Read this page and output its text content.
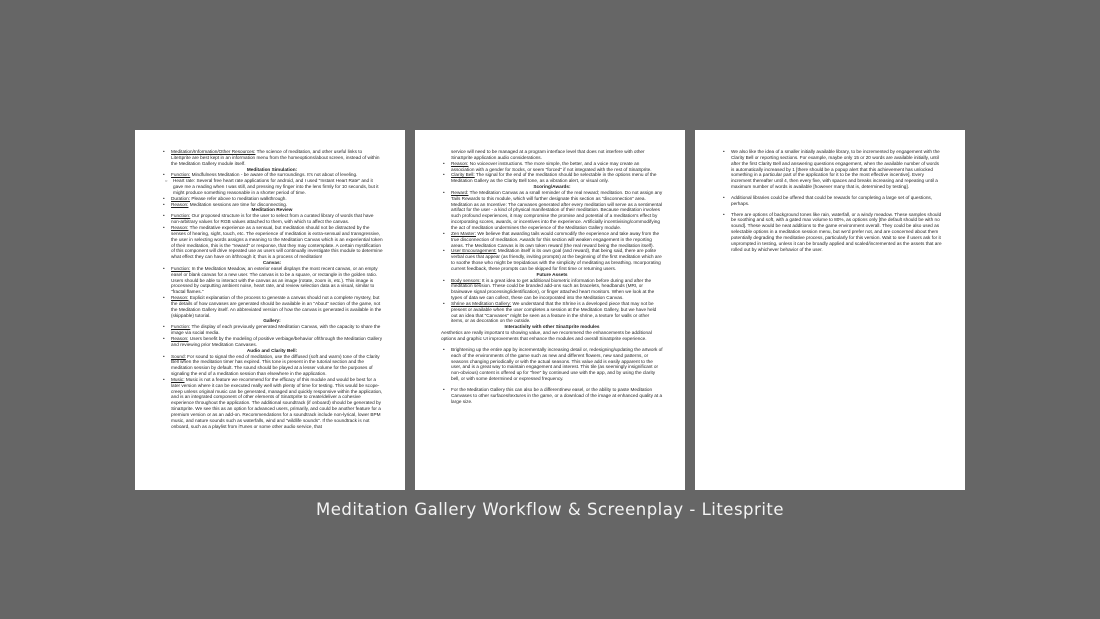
• Meditation/Information/Other Resources: The science of meditation, and other useful links to LiteSprite are best kept in an information menu from the homeoptions/about screen, instead of within the Meditation Gallery module itself.
Meditation Simulation:
• Function: Mindfulness Meditation - be aware of the surroundings. It's not about of leveling.
○ Heart rate: Several free heart rate applications for android, and I used "Instant Heart Rate" and it gave me a reading when I was still, and pressing my finger into the lens firmly for 10 seconds, but it might produce something reasonable in a shorter period of time.
• Duration: Please refer above to meditation walkthrough.
• Reason: Meditation sessions are time for disconnecting.
Meditation Review
• Function: Our proposed structure is for the user to select from a curated library of words that have non-arbitrary values for RGB values attached to them, with which to affect the canvas.
• Reason: The meditative experience as a sensual, but meditation should not be distracted by the senses of hearing, sight, touch, etc. The experience of meditation is extra-sensual and transgressive, the user in selecting words assigns a meaning to the Meditation Canvas which is an experiential token of their meditation, this is the "reward" or response, that they may contemplate. A certain mystification of this component will drive repeated use as users will continually investigate this module to determine what effect they can have on it/through it; thus is a process of meditation!
Canvas:
• Function: In the Meditation Meadow, an exterior easel displays the most recent canvas, or an empty easel or blank canvas for a new user. The canvas is to be a square, or rectangle in the golden ratio. Users should be able to interact with the canvas as an image (rotate, zoom in, etc.). This image is processed by outputting ambient noise, heart rate, and review selection data as a visual, similar to "fractal flames."
• Reason: Explicit explanation of the process to generate a canvas should not a complete mystery, but the details of how canvases are generated should be available in an "About" section of the game, not the Meditation Gallery itself. An abbreviated version of how the canvas is generated is available in the (skippable) tutorial.
Gallery:
• Function: The display of each previously generated Meditation Canvas, with the capacity to share the image via social media.
• Reason: Users benefit by the modeling of positive verbiage/behavior of/through the Meditation Gallery and reviewing prior Meditation Canvases.
Audio and Clarity Bell:
• Sound: For sound to signal the end of meditation, use the diffused (soft and warm) tone of the Clarity Bell when the meditation timer has expired. This tone is present in the tutorial section and the meditation session by default. The sound should be played at a lesser volume for the purposes of signaling the end of a meditation session than elsewhere in the application.
• Music: Music is not a feature we recommend for the efficacy of this module and would be best for a later version where it can be executed really well with plenty of time for testing. This would be scope-creep unless original music can be generated, managed and quickly responsive within the application, and is an integrated component of other elements of SinaSprite to create/deliver a cohesive experience throughout the application. The additional soundtrack (if onboard) should be generated by SinaSprite. We see this as an option for advanced users, primarily, and could be another feature for a premium version or as an add-on. Recommendations for a soundtrack include non-lyrical, lower BPM music, and nature sounds such as waterfalls, wind and "wildlife sounds". If the soundtrack is not onboard, such as a playlist from iTunes or some other audio service, that
service will need to be managed at a program interface level that does not interfere with other SinaSprite application audio considerations.
• Reason: No voiceover instructions. The more simple, the better, and a voice may create an association with a gender for Socks, or seem "forced" if not integrated with the rest of SinaSprite.
• Clarity Bell: The signal for the end of the meditation should be selectable in the options menu of the Meditation Gallery as the Clarity Bell tone, as a vibration alert, or visual only.
Scoring/Awards:
• Reward: The Meditation Canvas as a small reminder of the real reward; meditation. Do not assign any Tails Rewards to this module, which will further designate this section as "disconnection" area. Meditation as an Incentive: The canvases generated after every meditation will serve as a sentimental artifact for the user - a kind of physical manifestation of their meditation. Because meditation involves such profound experiences, it may compromise the promise and potential of a meditation's effect by incorporating scores, awards, or incentives into the experience. Artificially incentivising/commodifying the act of meditation undermines the experience of the Meditation Gallery module.
• Zen Master: We believe that awarding tails would commodify the experience and take away from the true disconnection of meditation. Awards for this section will weaken engagement in the reporting areas. The Meditation Canvas is its own token reward (the real reward being the meditation itself).
• User Encouragement: Meditation itself is its own goal (and reward), that being said, there are polite verbal cues that appear (as friendly, inviting prompts) at the beginning of the first meditation which are to soothe those who might be trepidatious with the simplicity of meditating as breathing. Incorporating current feedback, these prompts can be skipped for first time or returning users.
Future Assets
• Body sensors: It is a great idea to get additional biometric information before during and after the meditation session. These could be branded add-ons such as bracelets, headbands (MRI, or brainwave signal processing/identification), or finger attached heart monitors. When we look at the types of data we can collect, these can be incorporated into the Meditation Canvas.
• Shrine as Meditation Gallery: We understand that the Shrine is a developed piece that may not be present or available when the user completes a session at the Meditation Gallery, but we have held out an idea that "Canvases" might be seen as a feature in the shrine, a texture for walls or other items, or as decoration on the outside.
Interactivity with other SinaSprite modules
Aesthetics are really important to showing value, and we recommend the enhancements be additional options and graphic UI improvements that enhance the modules and overall SinaSprite experience.
• Brightening up the entire app by incrementally increasing detail or, redesigning/updating the artwork of each of the environments of the game such as new and different flowers, new sand patterns, or seasons changing periodically or with the actual seasons. This value add is easily apparent to the user, and is a great way to maintain engagement and interest. This tile (as seemingly insignificant or non-obvious) content is offered up for "free" by continued use with the app, and by using the clarity bell, or with some determined or expressed frequency.
• For the Meditation Gallery this can also be a different/new easel, or the ability to paste Meditation Canvases to other surfaces/textures in the game, or a download of the image at enhanced quality at a large size.
• We also like the idea of a smaller initially available library, to be incremented by engagement with the Clarity Bell or reporting sections. For example, maybe only 15 or 20 words are available initially, until after the first Clarity Bell and answering questions engagement, when the available number of words is automatically increased by 1 [there should be a popup alert that this achievement has unlocked something in a particular part of the application for it to be the most effective incentive]. Every increment thereafter until 4, then every five, with spaces and breaks increasing and repeating until a maximum number of words is available [however many that is, determined by testing].
• Additional libraries could be offered that could be rewards for completing a large set of questions, perhaps.
• There are options of background tones like rain, waterfall, or a windy meadow. These samples should be soothing and soft, with a gated max volume to 80%, as options only [the default should be with no sound]. These would be neat additions to the game environment overall. They could be also used as selectable options in a meditation session menu, but we'd prefer not, and are concerned about them potentially degrading the meditative process, particularly for this version. Wait to see if users ask for it unprompted in testing, unless it can be broadly applied and scaled/incremented as the assets that are rolled out by whichever behavior of the user.
Meditation Gallery Workflow & Screenplay - Litesprite
